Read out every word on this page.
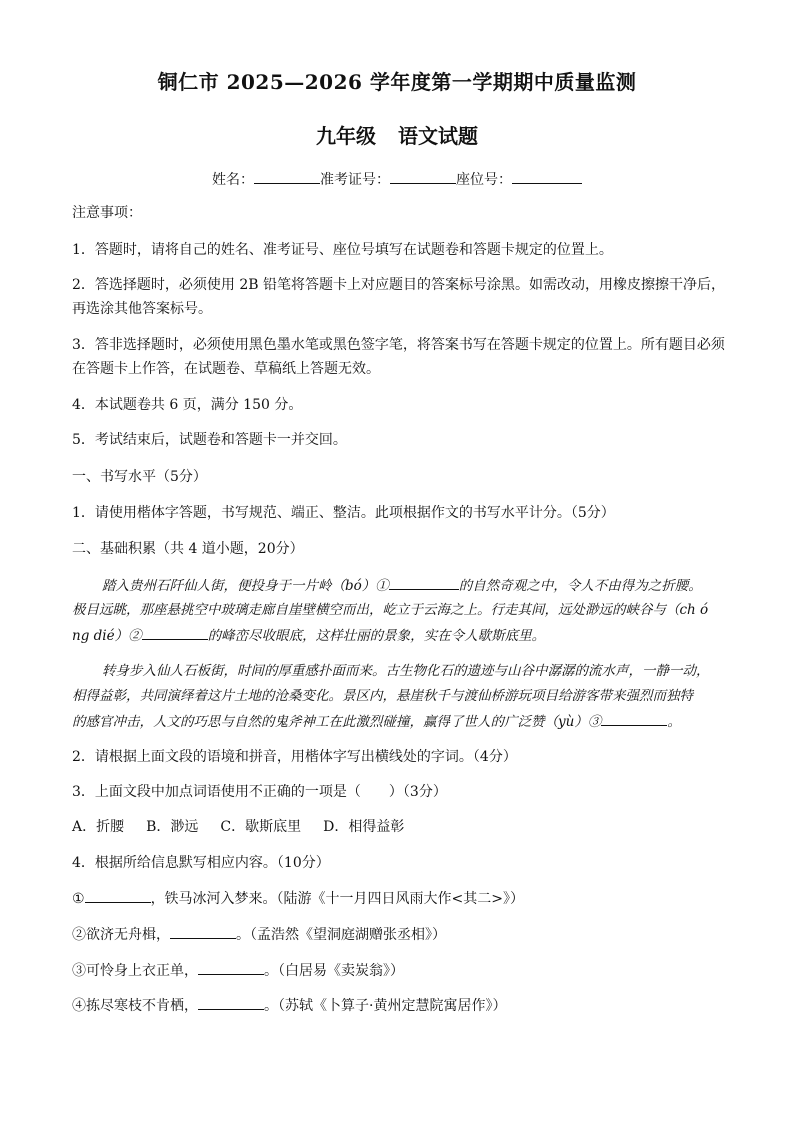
铜仁市 2025—2026 学年度第一学期期中质量监测
九年级 语文试题
姓名：	准考证号：	座位号：
注意事项：
1．答题时，请将自己的姓名、准考证号、座位号填写在试题卷和答题卡规定的位置上。
2．答选择题时，必须使用 2B 铅笔将答题卡上对应题目的答案标号涂黑。如需改动，用橡皮擦擦干净后，
再选涂其他答案标号。
3．答非选择题时，必须使用黑色墨水笔或黑色签字笔，将答案书写在答题卡规定的位置上。所有题目必须
在答题卡上作答，在试题卷、草稿纸上答题无效。
4．本试题卷共 6 页，满分 150 分。
5．考试结束后，试题卷和答题卡一并交回。
一、书写水平（5分）
1．请使用楷体字答题，书写规范、端正、整洁。此项根据作文的书写水平计分。（5分）
二、基础积累（共 4 道小题，20分）
踏入贵州石阡仙人街，便投身于一片岭（bó）①	的自然奇观之中，令人不由得为之折腰。
极目远眺，那座悬挑空中玻璃走廊自崖壁横空而出，屹立于云海之上。行走其间，远处渺远的峡谷与（ch ó
ng dié）②	的峰峦尽收眼底，这样壮丽的景象，实在令人歇斯底里。
转身步入仙人石板街，时间的厚重感扑面而来。古生物化石的遗迹与山谷中潺潺的流水声，一静一动，
相得益彰，共同演绎着这片土地的沧桑变化。景区内，悬崖秋千与渡仙桥游玩项目给游客带来强烈而独特
的感官冲击，人文的巧思与自然的鬼斧神工在此激烈碰撞，赢得了世人的广泛赞（yù）③	。
2．请根据上面文段的语境和拼音，用楷体字写出横线处的字词。（4分）
3．上面文段中加点词语使用不正确的一项是（　　）（3分）
A．折腰 B．渺远 C．歇斯底里 D．相得益彰
4．根据所给信息默写相应内容。（10分）
①	，铁马冰河入梦来。（陆游《十一月四日风雨大作<其二>》）
②欲济无舟楫，	。（孟浩然《望洞庭湖赠张丞相》）
③可怜身上衣正单，	。（白居易《卖炭翁》）
④拣尽寒枝不肯栖，	。（苏轼《卜算子·黄州定慧院寓居作》）
